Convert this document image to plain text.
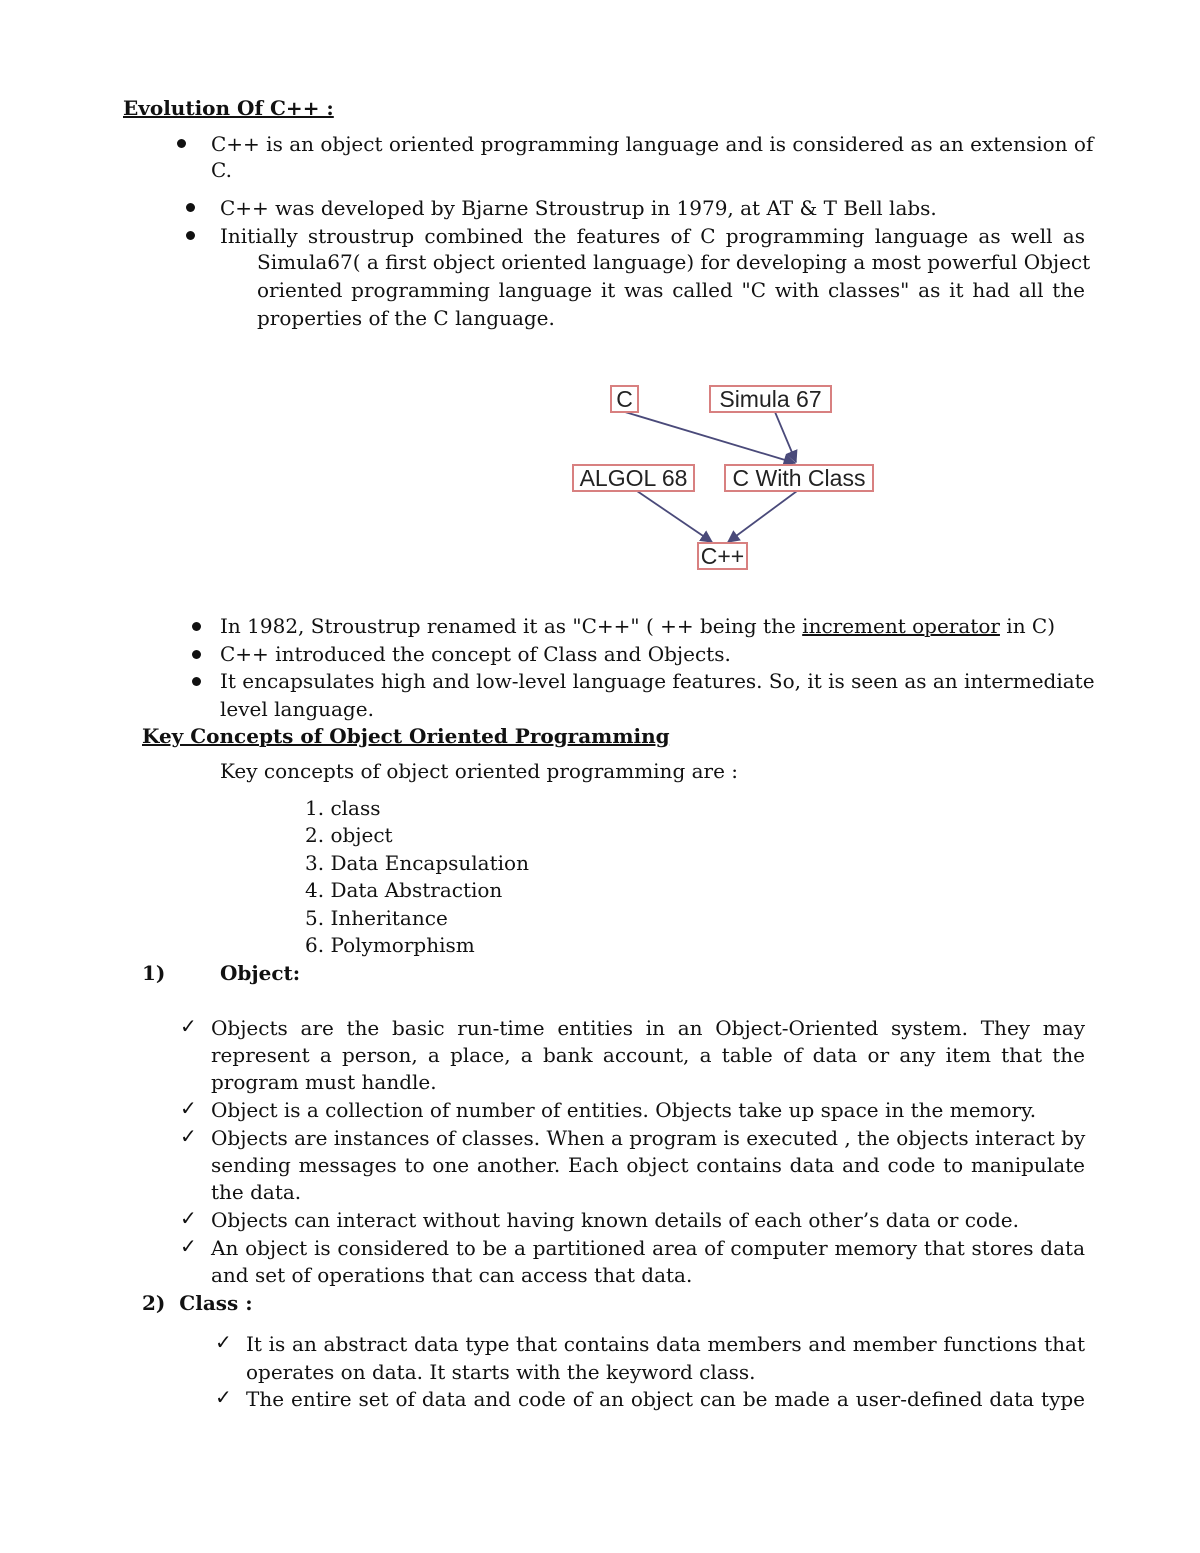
Evolution Of C++ :
C++ is an object oriented programming language and is considered as an extension of
C.
C++ was developed by Bjarne Stroustrup in 1979, at AT & T Bell labs.
Initially stroustrup combined the features of C programming language as well as
Simula67( a first object oriented language) for developing a most powerful Object
oriented programming language it was called "C with classes" as it had all the
properties of the C language.
C	Simula 67
ALGOL 68 C With Class
C++
In 1982, Stroustrup renamed it as "C++" ( ++ being the increment operator in C)
C++ introduced the concept of Class and Objects.
It encapsulates high and low-level language features. So, it is seen as an intermediate
level language.
Key Concepts of Object Oriented Programming
Key concepts of object oriented programming are :
1. class
2. object
3. Data Encapsulation
4. Data Abstraction
5. Inheritance
6. Polymorphism
1)	Object:
✓ Objects are the basic run-time entities in an Object-Oriented system. They may
represent a person, a place, a bank account, a table of data or any item that the
program must handle.
✓ Object is a collection of number of entities. Objects take up space in the memory.
✓ Objects are instances of classes. When a program is executed , the objects interact by
sending messages to one another. Each object contains data and code to manipulate
the data.
✓ Objects can interact without having known details of each other’s data or code.
✓ An object is considered to be a partitioned area of computer memory that stores data
and set of operations that can access that data.
2)  Class :
✓ It is an abstract data type that contains data members and member functions that
operates on data. It starts with the keyword class.
✓ The entire set of data and code of an object can be made a user-defined data type
